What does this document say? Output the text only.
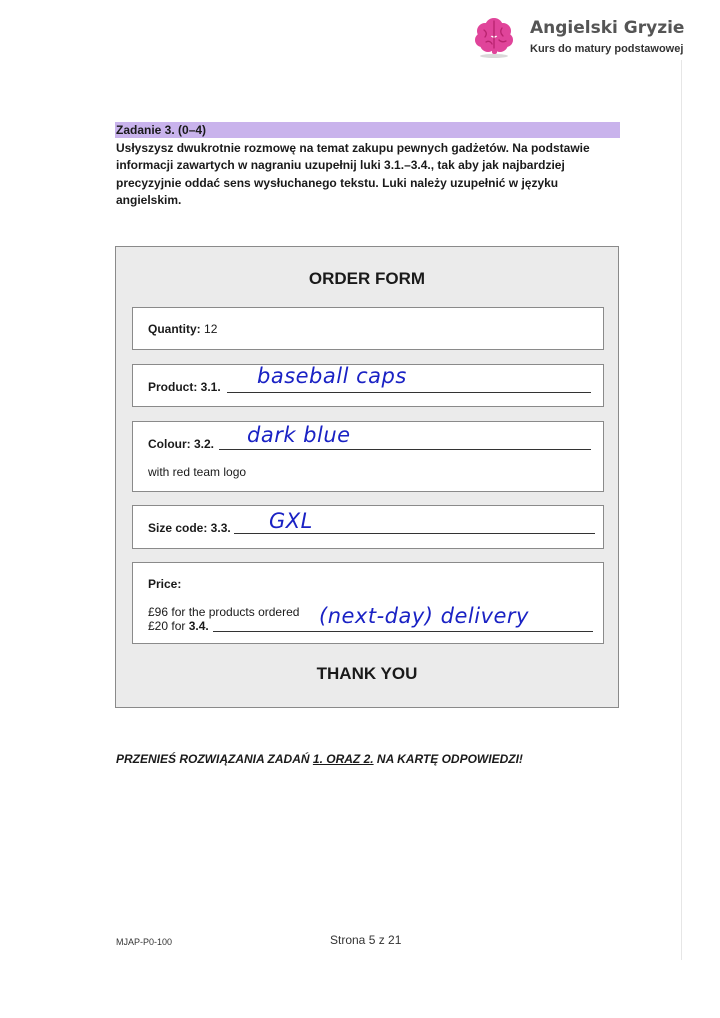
Angielski Gryzie
Kurs do matury podstawowej
Zadanie 3. (0–4)
Usłyszysz dwukrotnie rozmowę na temat zakupu pewnych gadżetów. Na podstawie
informacji zawartych w nagraniu uzupełnij luki 3.1.–3.4., tak aby jak najbardziej
precyzyjnie oddać sens wysłuchanego tekstu. Luki należy uzupełnić w języku
angielskim.
ORDER FORM
Quantity: 12
Product: 3.1. baseball caps
Colour: 3.2. dark blue
with red team logo
Size code: 3.3. GXL
Price:
£96 for the products ordered
£20 for 3.4.	(next-day) delivery
THANK YOU
PRZENIEŚ ROZWIĄZANIA ZADAŃ 1. ORAZ 2. NA KARTĘ ODPOWIEDZI!
MJAP-P0-100	Strona 5 z 21
